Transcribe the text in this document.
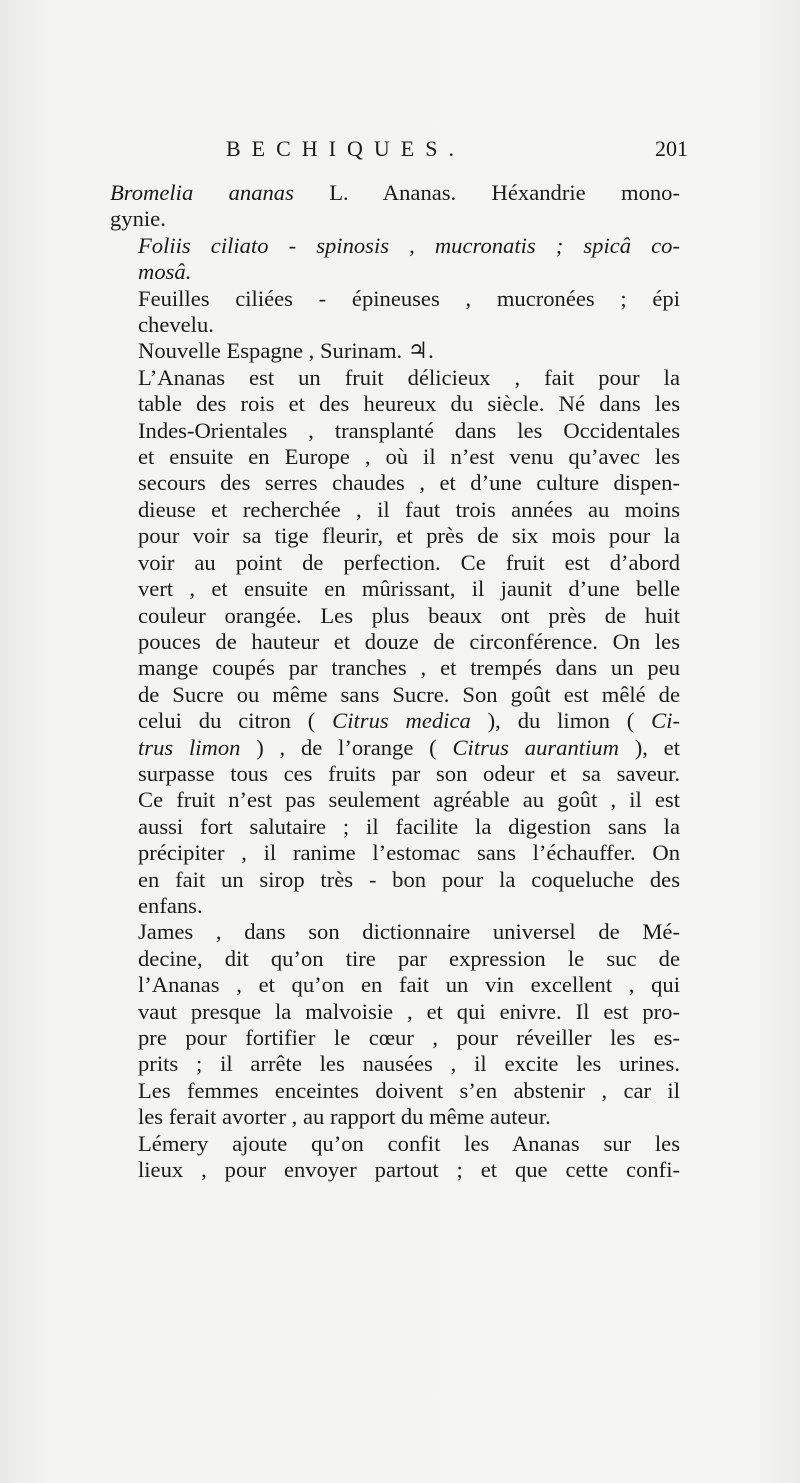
BECHIQUES.	201

Bromelia ananas L. Ananas. Héxandrie mono-
gynie.

Foliis ciliato - spinosis , mucronatis ; spicâ co-
mosâ.

Feuilles ciliées - épineuses , mucronées ; épi
chevelu.

Nouvelle Espagne , Surinam. ♃.

L’Ananas est un fruit délicieux , fait pour la
table des rois et des heureux du siècle. Né dans les
Indes-Orientales , transplanté dans les Occidentales
et ensuite en Europe , où il n’est venu qu’avec les
secours des serres chaudes , et d’une culture dispen-
dieuse et recherchée , il faut trois années au moins
pour voir sa tige fleurir, et près de six mois pour la
voir au point de perfection. Ce fruit est d’abord
vert , et ensuite en mûrissant, il jaunit d’une belle
couleur orangée. Les plus beaux ont près de huit
pouces de hauteur et douze de circonférence. On les
mange coupés par tranches , et trempés dans un peu
de Sucre ou même sans Sucre. Son goût est mêlé de
celui du citron ( Citrus medica ), du limon ( Ci-
trus limon ) , de l’orange ( Citrus aurantium ), et
surpasse tous ces fruits par son odeur et sa saveur.
Ce fruit n’est pas seulement agréable au goût , il est
aussi fort salutaire ; il facilite la digestion sans la
précipiter , il ranime l’estomac sans l’échauffer. On
en fait un sirop très - bon pour la coqueluche des
enfans.

James , dans son dictionnaire universel de Mé-
decine, dit qu’on tire par expression le suc de
l’Ananas , et qu’on en fait un vin excellent , qui
vaut presque la malvoisie , et qui enivre. Il est pro-
pre pour fortifier le cœur , pour réveiller les es-
prits ; il arrête les nausées , il excite les urines.
Les femmes enceintes doivent s’en abstenir , car il
les ferait avorter , au rapport du même auteur.

Lémery ajoute qu’on confit les Ananas sur les
lieux , pour envoyer partout ; et que cette confi-
